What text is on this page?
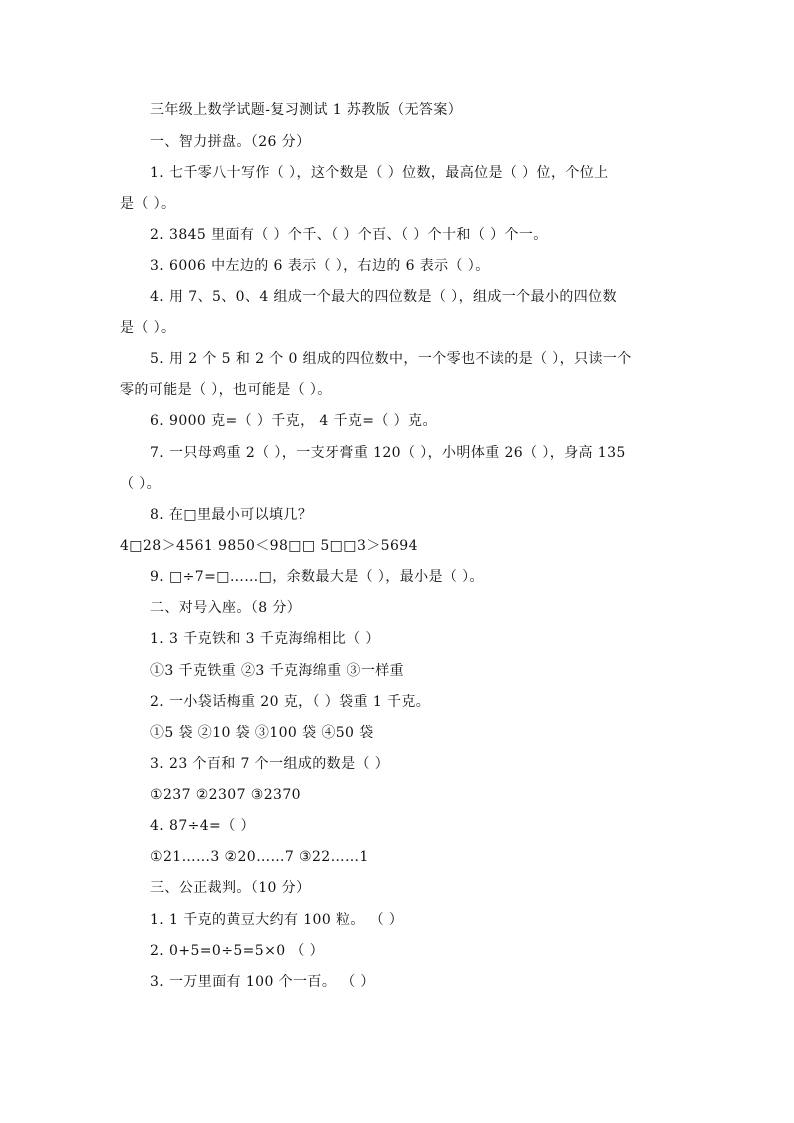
三年级上数学试题-复习测试 1 苏教版（无答案）

一、智力拼盘。（26 分）

1. 七千零八十写作（ ），这个数是（ ）位数，最高位是（ ）位，个位上

是（ ）。

2. 3845 里面有（ ）个千、（ ）个百、（ ）个十和（ ）个一。

3. 6006 中左边的 6 表示（ ），右边的 6 表示（ ）。

4. 用 7、5、0、4 组成一个最大的四位数是（ ），组成一个最小的四位数

是（ ）。

5. 用 2 个 5 和 2 个 0 组成的四位数中，一个零也不读的是（ ），只读一个

零的可能是（ ），也可能是（ ）。

6. 9000 克=（ ）千克， 4 千克=（ ）克。

7. 一只母鸡重 2（ ），一支牙膏重 120（ ），小明体重 26（ ），身高 135

（ ）。

8. 在□里最小可以填几？

4□28＞4561 9850＜98□□ 5□□3＞5694

9. □÷7=□……□，余数最大是（ ），最小是（ ）。

二、对号入座。（8 分）

1. 3 千克铁和 3 千克海绵相比（ ）

①3 千克铁重 ②3 千克海绵重 ③一样重

2. 一小袋话梅重 20 克，（ ）袋重 1 千克。

①5 袋 ②10 袋 ③100 袋 ④50 袋

3. 23 个百和 7 个一组成的数是（ ）

①237 ②2307 ③2370

4. 87÷4=（ ）

①21……3 ②20……7 ③22……1

三、公正裁判。（10 分）

1. 1 千克的黄豆大约有 100 粒。 （ ）

2. 0+5=0÷5=5×0 （ ）

3. 一万里面有 100 个一百。 （ ）
